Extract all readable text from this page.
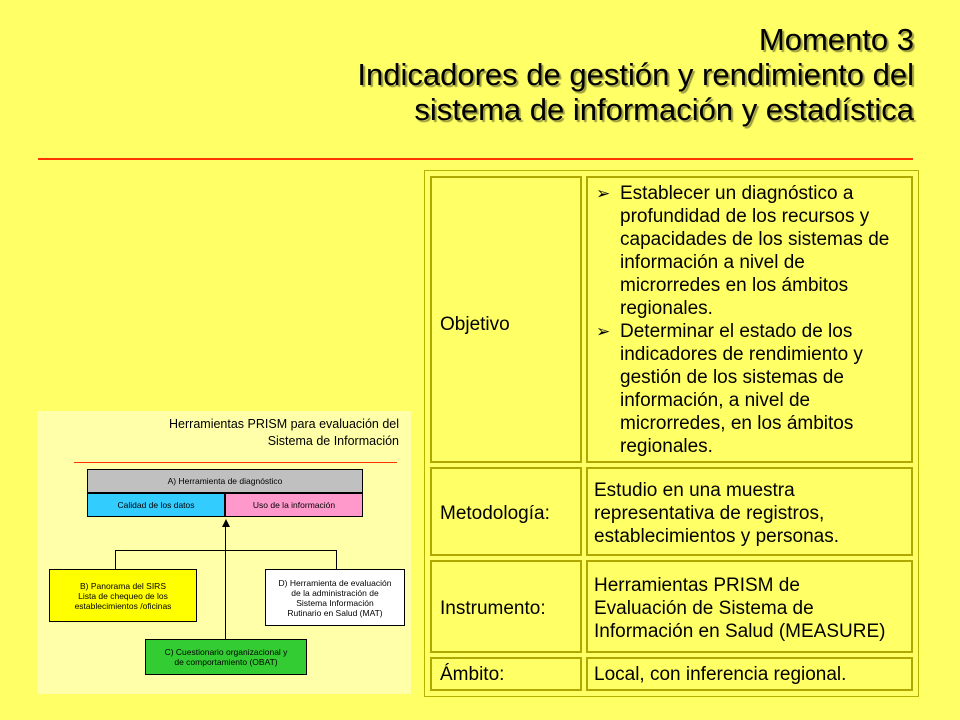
Momento 3
Indicadores de gestión y rendimiento del
sistema de información y estadística
Herramientas PRISM para evaluación del
Sistema de Información
A) Herramienta de diagnóstico
Calidad de los datos	Uso de la información
B) Panorama del SIRS
Lista de chequeo de los
establecimientos /oficinas
D) Herramienta de evaluación
de la administración de
Sistema Información
Rutinario en Salud (MAT)
C) Cuestionario organizacional y
de comportamiento (OBAT)
Objetivo
➢ Establecer un diagnóstico a
profundidad de los recursos y
capacidades de los sistemas de
información a nivel de
microrredes en los ámbitos
regionales.
➢ Determinar el estado de los
indicadores de rendimiento y
gestión de los sistemas de
información, a nivel de
microrredes, en los ámbitos
regionales.
Metodología:
Estudio en una muestra
representativa de registros,
establecimientos y personas.
Instrumento:
Herramientas PRISM de
Evaluación de Sistema de
Información en Salud (MEASURE)
Ámbito:	Local, con inferencia regional.
